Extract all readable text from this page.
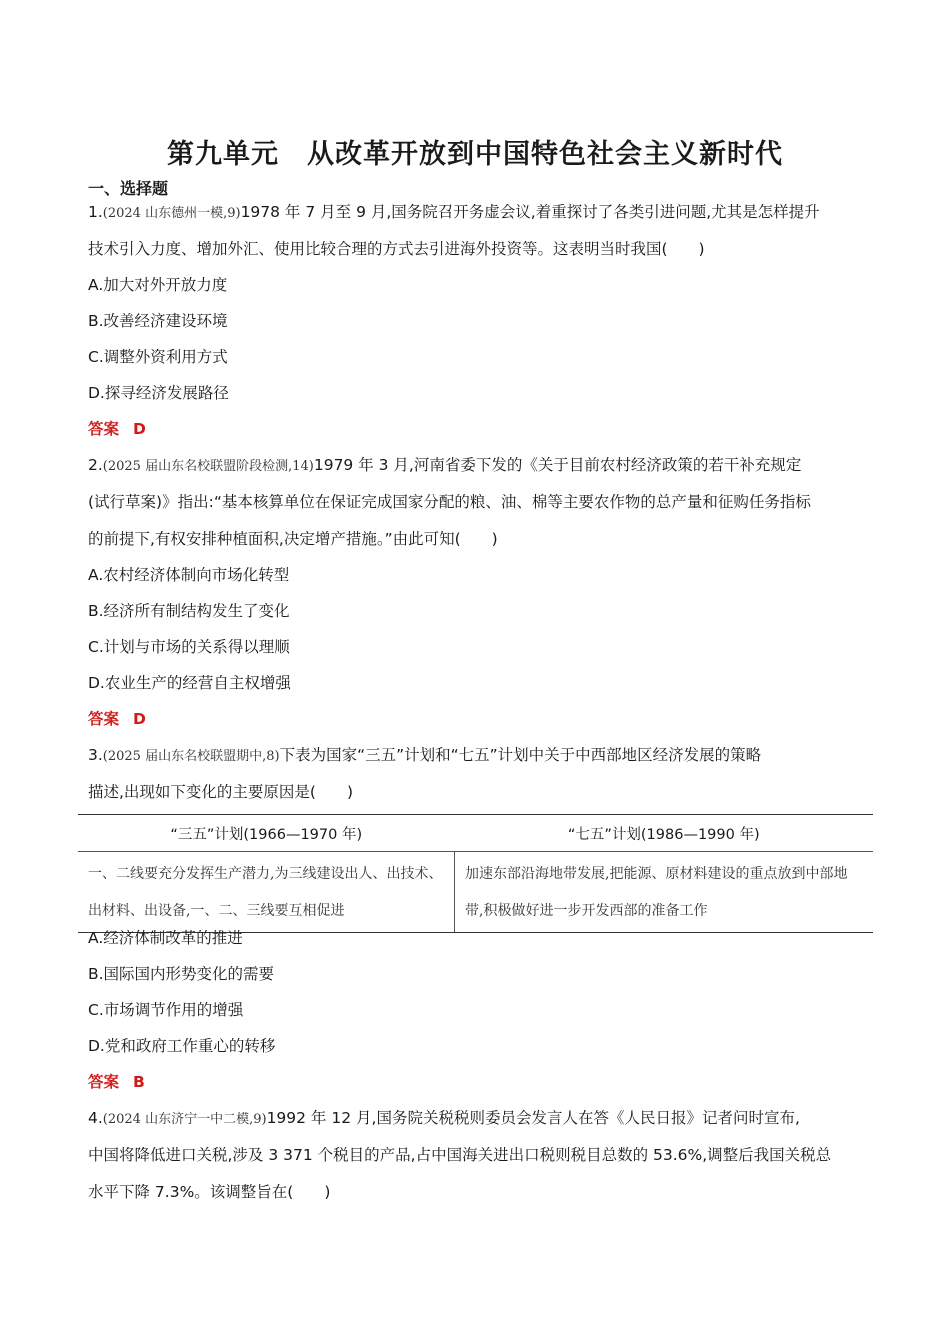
第九单元　从改革开放到中国特色社会主义新时代
一、选择题
1.(2024 山东德州一模,9)1978 年 7 月至 9 月,国务院召开务虚会议,着重探讨了各类引进问题,尤其是怎样提升
技术引入力度、增加外汇、使用比较合理的方式去引进海外投资等。这表明当时我国(　　)
A.加大对外开放力度
B.改善经济建设环境
C.调整外资利用方式
D.探寻经济发展路径
答案 D
2.(2025 届山东名校联盟阶段检测,14)1979 年 3 月,河南省委下发的《关于目前农村经济政策的若干补充规定
(试行草案)》指出:“基本核算单位在保证完成国家分配的粮、油、棉等主要农作物的总产量和征购任务指标
的前提下,有权安排种植面积,决定增产措施。”由此可知(　　)
A.农村经济体制向市场化转型
B.经济所有制结构发生了变化
C.计划与市场的关系得以理顺
D.农业生产的经营自主权增强
答案 D
3.(2025 届山东名校联盟期中,8)下表为国家“三五”计划和“七五”计划中关于中西部地区经济发展的策略
描述,出现如下变化的主要原因是(　　)
“三五”计划(1966—1970 年)	“七五”计划(1986—1990 年)
一、二线要充分发挥生产潜力,为三线建设出人、出技术、出材料、出设备,一、二、三线要互相促进	加速东部沿海地带发展,把能源、原材料建设的重点放到中部地带,积极做好进一步开发西部的准备工作
A.经济体制改革的推进
B.国际国内形势变化的需要
C.市场调节作用的增强
D.党和政府工作重心的转移
答案 B
4.(2024 山东济宁一中二模,9)1992 年 12 月,国务院关税税则委员会发言人在答《人民日报》记者问时宣布,
中国将降低进口关税,涉及 3 371 个税目的产品,占中国海关进出口税则税目总数的 53.6%,调整后我国关税总
水平下降 7.3%。该调整旨在(　　)
